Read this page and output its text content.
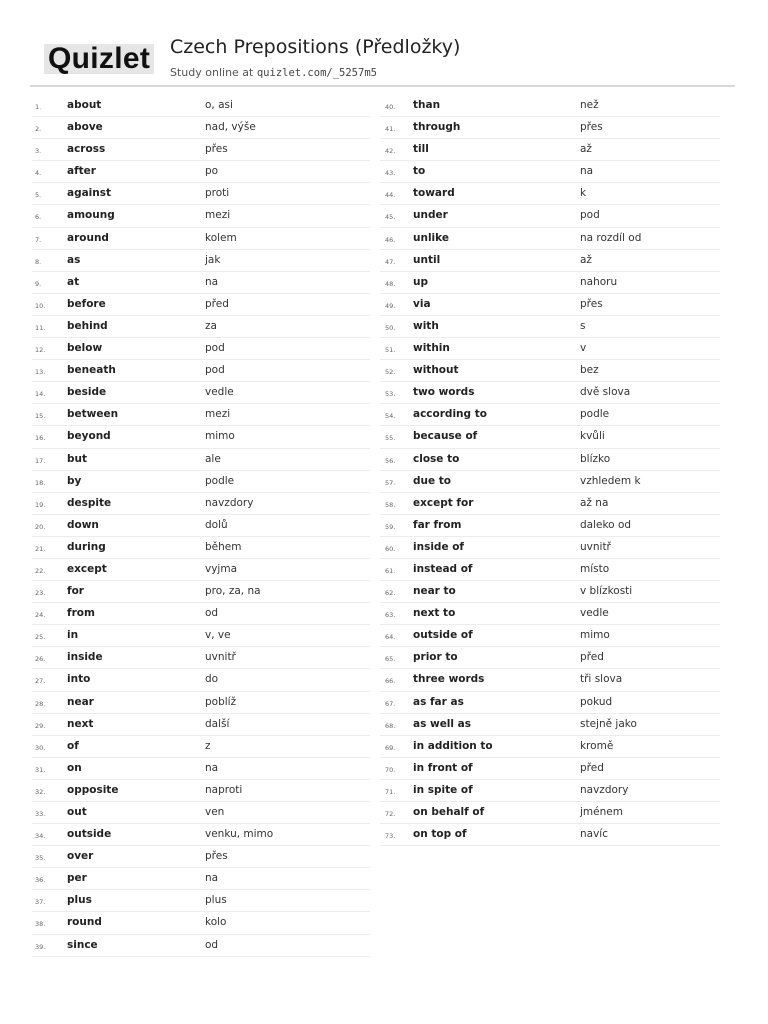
Quizlet Czech Prepositions (Předložky)
Study online at quizlet.com/_5257m5
1. about	o, asi
2. above	nad, výše
3. across	přes
4. after	po
5. against	proti
6. amoung	mezi
7. around	kolem
8. as	jak
9. at	na
10. before	před
11. behind	za
12. below	pod
13. beneath	pod
14. beside	vedle
15. between	mezi
16. beyond	mimo
17. but	ale
18. by	podle
19. despite	navzdory
20. down	dolů
21. during	během
22. except	vyjma
23. for	pro, za, na
24. from	od
25. in	v, ve
26. inside	uvnitř
27. into	do
28. near	poblíž
29. next	další
30. of	z
31. on	na
32. opposite	naproti
33. out	ven
34. outside	venku, mimo
35. over	přes
36. per	na
37. plus	plus
38. round	kolo
39. since	od
40. than	než
41. through	přes
42. till	až
43. to	na
44. toward	k
45. under	pod
46. unlike	na rozdíl od
47. until	až
48. up	nahoru
49. via	přes
50. with	s
51. within	v
52. without	bez
53. two words	dvě slova
54. according to	podle
55. because of	kvůli
56. close to	blízko
57. due to	vzhledem k
58. except for	až na
59. far from	daleko od
60. inside of	uvnitř
61. instead of	místo
62. near to	v blízkosti
63. next to	vedle
64. outside of	mimo
65. prior to	před
66. three words	tři slova
67. as far as	pokud
68. as well as	stejně jako
69. in addition to	kromě
70. in front of	před
71. in spite of	navzdory
72. on behalf of	jménem
73. on top of	navíc
